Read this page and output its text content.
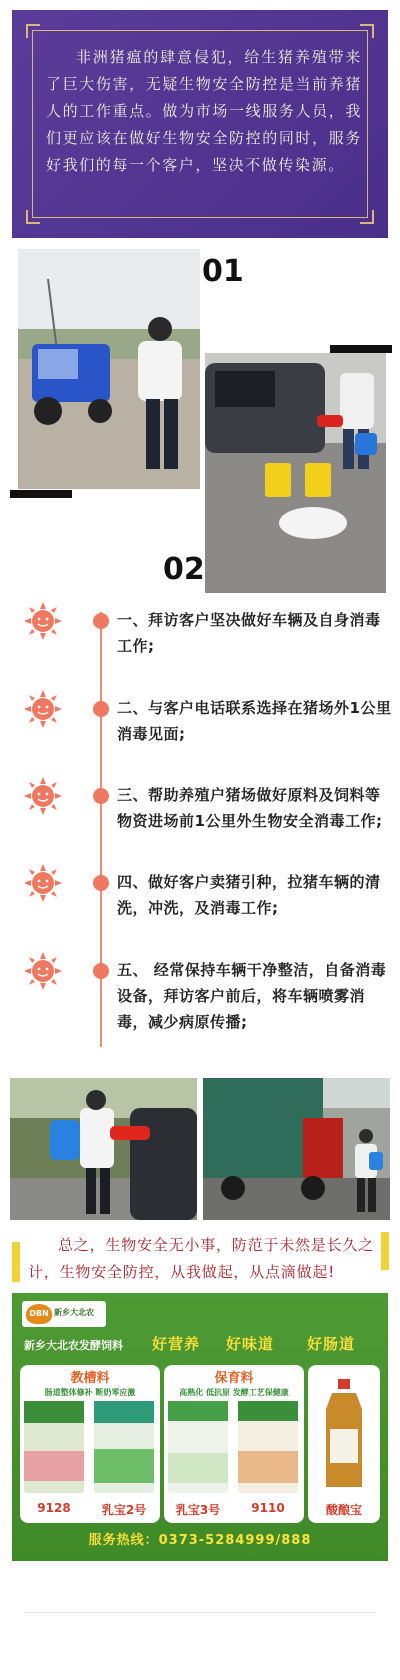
非洲猪瘟的肆意侵犯，给生猪养殖带来了巨大伤害，无疑生物安全防控是当前养猪人的工作重点。做为市场一线服务人员，我们更应该在做好生物安全防控的同时，服务好我们的每一个客户，坚决不做传染源。

01
02

一、拜访客户坚决做好车辆及自身消毒工作;

二、与客户电话联系选择在猪场外1公里消毒见面;

三、帮助养殖户猪场做好原料及饲料等物资进场前1公里外生物安全消毒工作;

四、做好客户卖猪引种，拉猪车辆的清洗，冲洗，及消毒工作;

五、 经常保持车辆干净整洁，自备消毒设备，拜访客户前后，将车辆喷雾消毒，减少病原传播;

总之，生物安全无小事，防范于未然是长久之计，生物安全防控，从我做起，从点滴做起!

DBN 新乡大北农
新乡大北农发酵饲料 好营养 好味道 好肠道
教槽料
肠道整体修补 断奶零应激
9128	乳宝2号
保育料
高熟化 低抗原 发酵工艺保健康
乳宝3号	9110	酸酿宝
服务热线：0373-5284999/888
